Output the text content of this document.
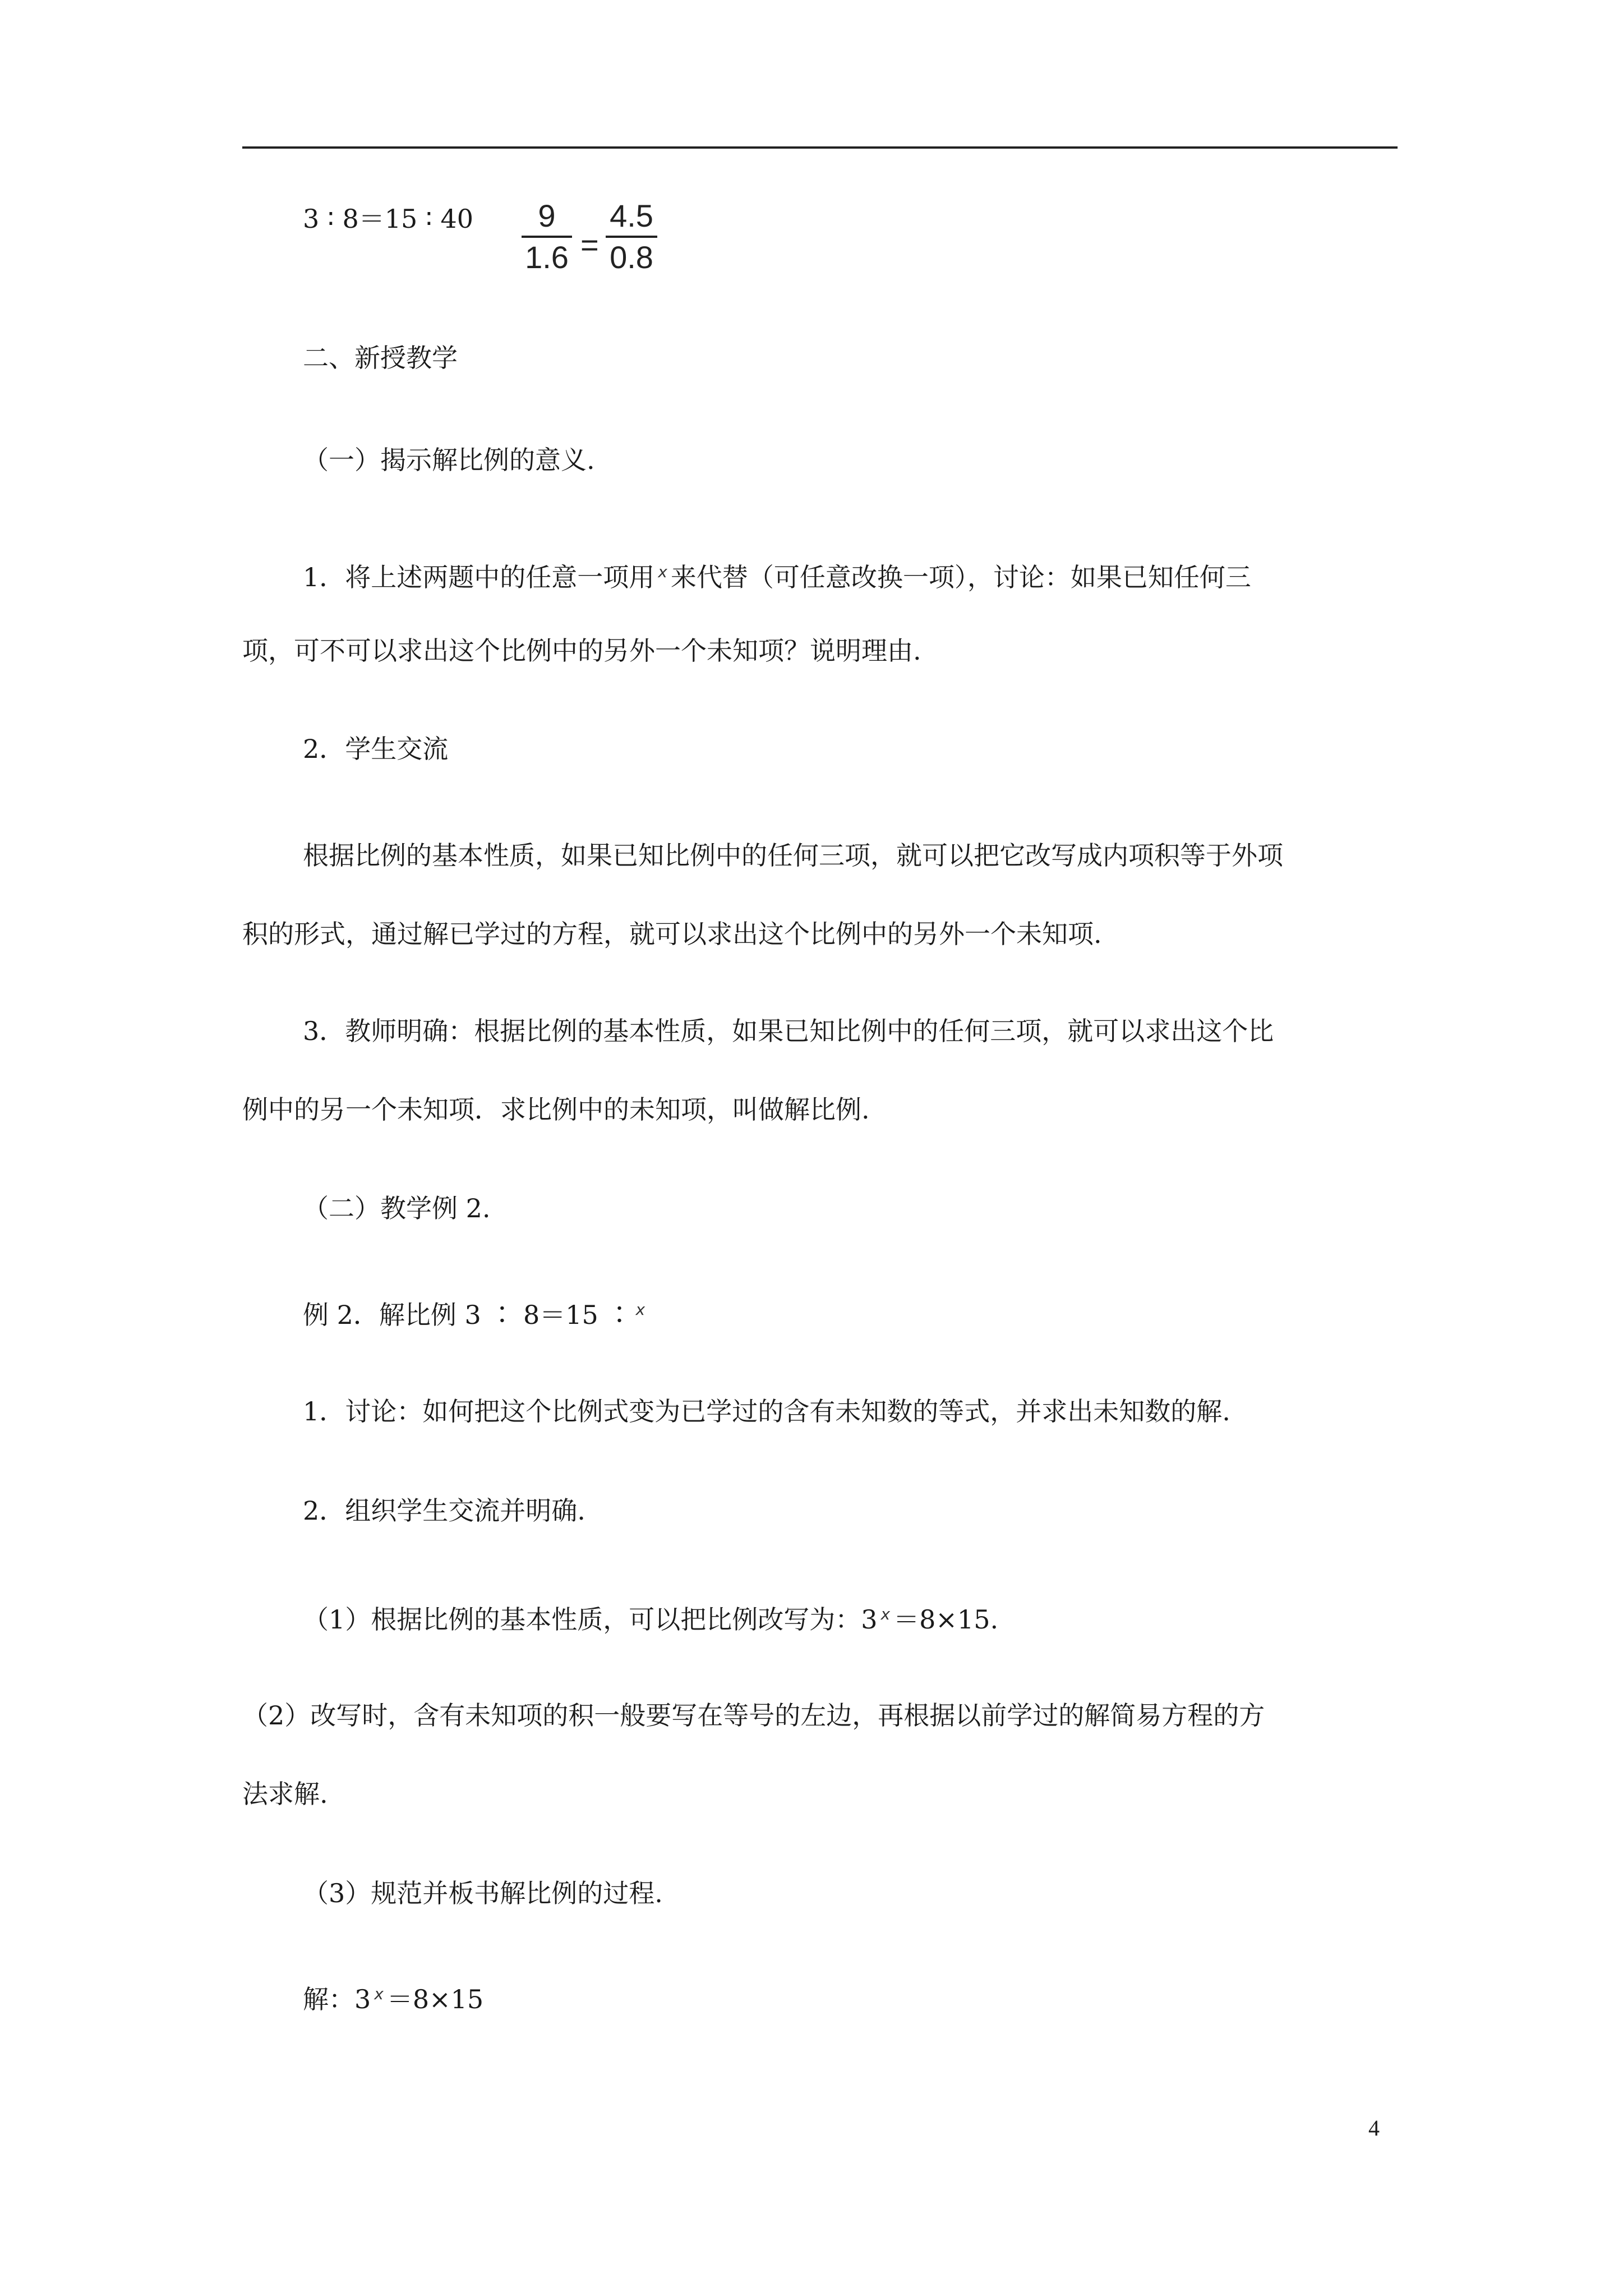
3 ∶ 8＝15 ∶ 40	9
1.6 =
4.5
0.8
二、新授教学
（一）揭示解比例的意义.
1．将上述两题中的任意一项用 $^x$ 来代替（可任意改换一项），讨论：如果已知任何三
项，可不可以求出这个比例中的另外一个未知项？说明理由.
2．学生交流
根据比例的基本性质，如果已知比例中的任何三项，就可以把它改写成内项积等于外项
积的形式，通过解已学过的方程，就可以求出这个比例中的另外一个未知项.
3．教师明确：根据比例的基本性质，如果已知比例中的任何三项，就可以求出这个比
例中的另一个未知项．求比例中的未知项，叫做解比例.
（二）教学例 2.
例 2．解比例 3 ∶ 8＝15 ∶ $^x$
1．讨论：如何把这个比例式变为已学过的含有未知数的等式，并求出未知数的解.
2．组织学生交流并明确.
（1）根据比例的基本性质，可以把比例改写为：3 $^x$ ＝8×15.
（2）改写时，含有未知项的积一般要写在等号的左边，再根据以前学过的解简易方程的方
法求解.
（3）规范并板书解比例的过程.
解：3 $^x$ ＝8×15
4
